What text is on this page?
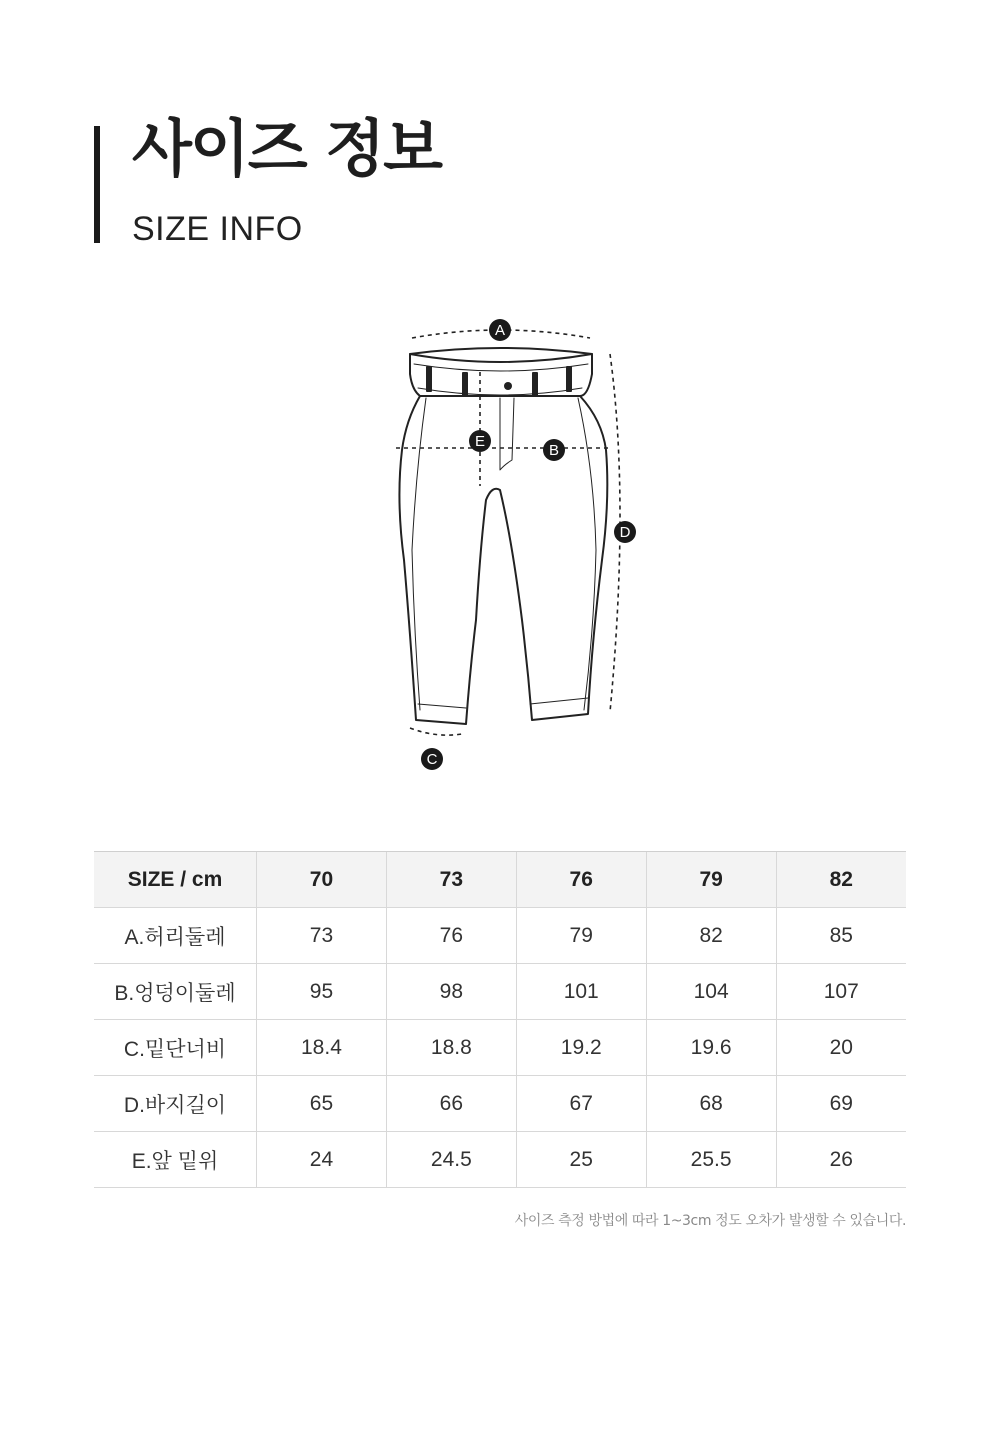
사이즈 정보
SIZE INFO
A
B
C
D
E
SIZE / cm	70	73	76	79	82
A.허리둘레	73	76	79	82	85
B.엉덩이둘레	95	98	101	104	107
C.밑단너비	18.4	18.8	19.2	19.6	20
D.바지길이	65	66	67	68	69
E.앞 밑위	24	24.5	25	25.5	26
사이즈 측정 방법에 따라 1~3cm 정도 오차가 발생할 수 있습니다.
